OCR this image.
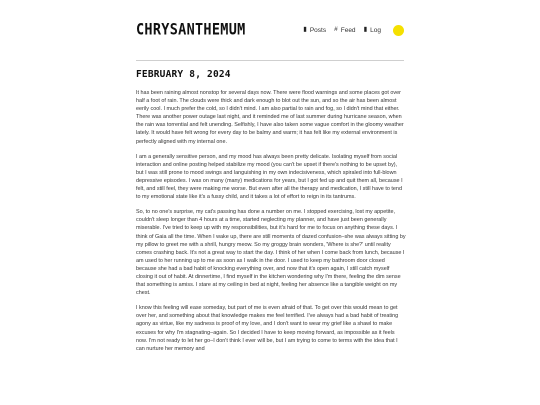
CHRYSANTHEMUM	▮ Posts # Feed ▮ Log
FEBRUARY 8, 2024

It has been raining almost nonstop for several days now. There were flood warnings and some places got over half a foot of rain. The clouds were thick and dark enough to blot out the sun, and so the air has been almost eerily cool. I much prefer the cold, so I didn't mind. I am also partial to rain and fog, so I didn't mind that either. There was another power outage last night, and it reminded me of last summer during hurricane season, when the rain was torrential and felt unending. Selfishly, I have also taken some vague comfort in the gloomy weather lately. It would have felt wrong for every day to be balmy and warm; it has felt like my external environment is perfectly aligned with my internal one.

I am a generally sensitive person, and my mood has always been pretty delicate. Isolating myself from social interaction and online posting helped stabilize my mood (you can't be upset if there's nothing to be upset by), but I was still prone to mood swings and languishing in my own indecisiveness, which spiraled into full-blown depressive episodes. I was on many (many) medications for years, but I got fed up and quit them all, because I felt, and still feel, they were making me worse. But even after all the therapy and medication, I still have to tend to my emotional state like it's a fussy child, and it takes a lot of effort to reign in its tantrums.

So, to no one's surprise, my cat's passing has done a number on me. I stopped exercising, lost my appetite, couldn't sleep longer than 4 hours at a time, started neglecting my planner, and have just been generally miserable. I've tried to keep up with my responsibilities, but it's hard for me to focus on anything these days. I think of Gaia all the time. When I wake up, there are still moments of dazed confusion–she was always sitting by my pillow to greet me with a shrill, hungry meow. So my groggy brain wonders, 'Where is she?' until reality comes crashing back. It's not a great way to start the day. I think of her when I come back from lunch, because I am used to her running up to me as soon as I walk in the door. I used to keep my bathroom door closed because she had a bad habit of knocking everything over, and now that it's open again, I still catch myself closing it out of habit. At dinnertime, I find myself in the kitchen wondering why I'm there, feeling the dim sense that something is amiss. I stare at my ceiling in bed at night, feeling her absence like a tangible weight on my chest.

I know this feeling will ease someday, but part of me is even afraid of that. To get over this would mean to get over her, and something about that knowledge makes me feel terrified. I've always had a bad habit of treating agony as virtue, like my sadness is proof of my love, and I don't want to wear my grief like a shawl to make excuses for why I'm stagnating–again. So I decided I have to keep moving forward, as impossible as it feels now. I'm not ready to let her go–I don't think I ever will be, but I am trying to come to terms with the idea that I can nurture her memory and
